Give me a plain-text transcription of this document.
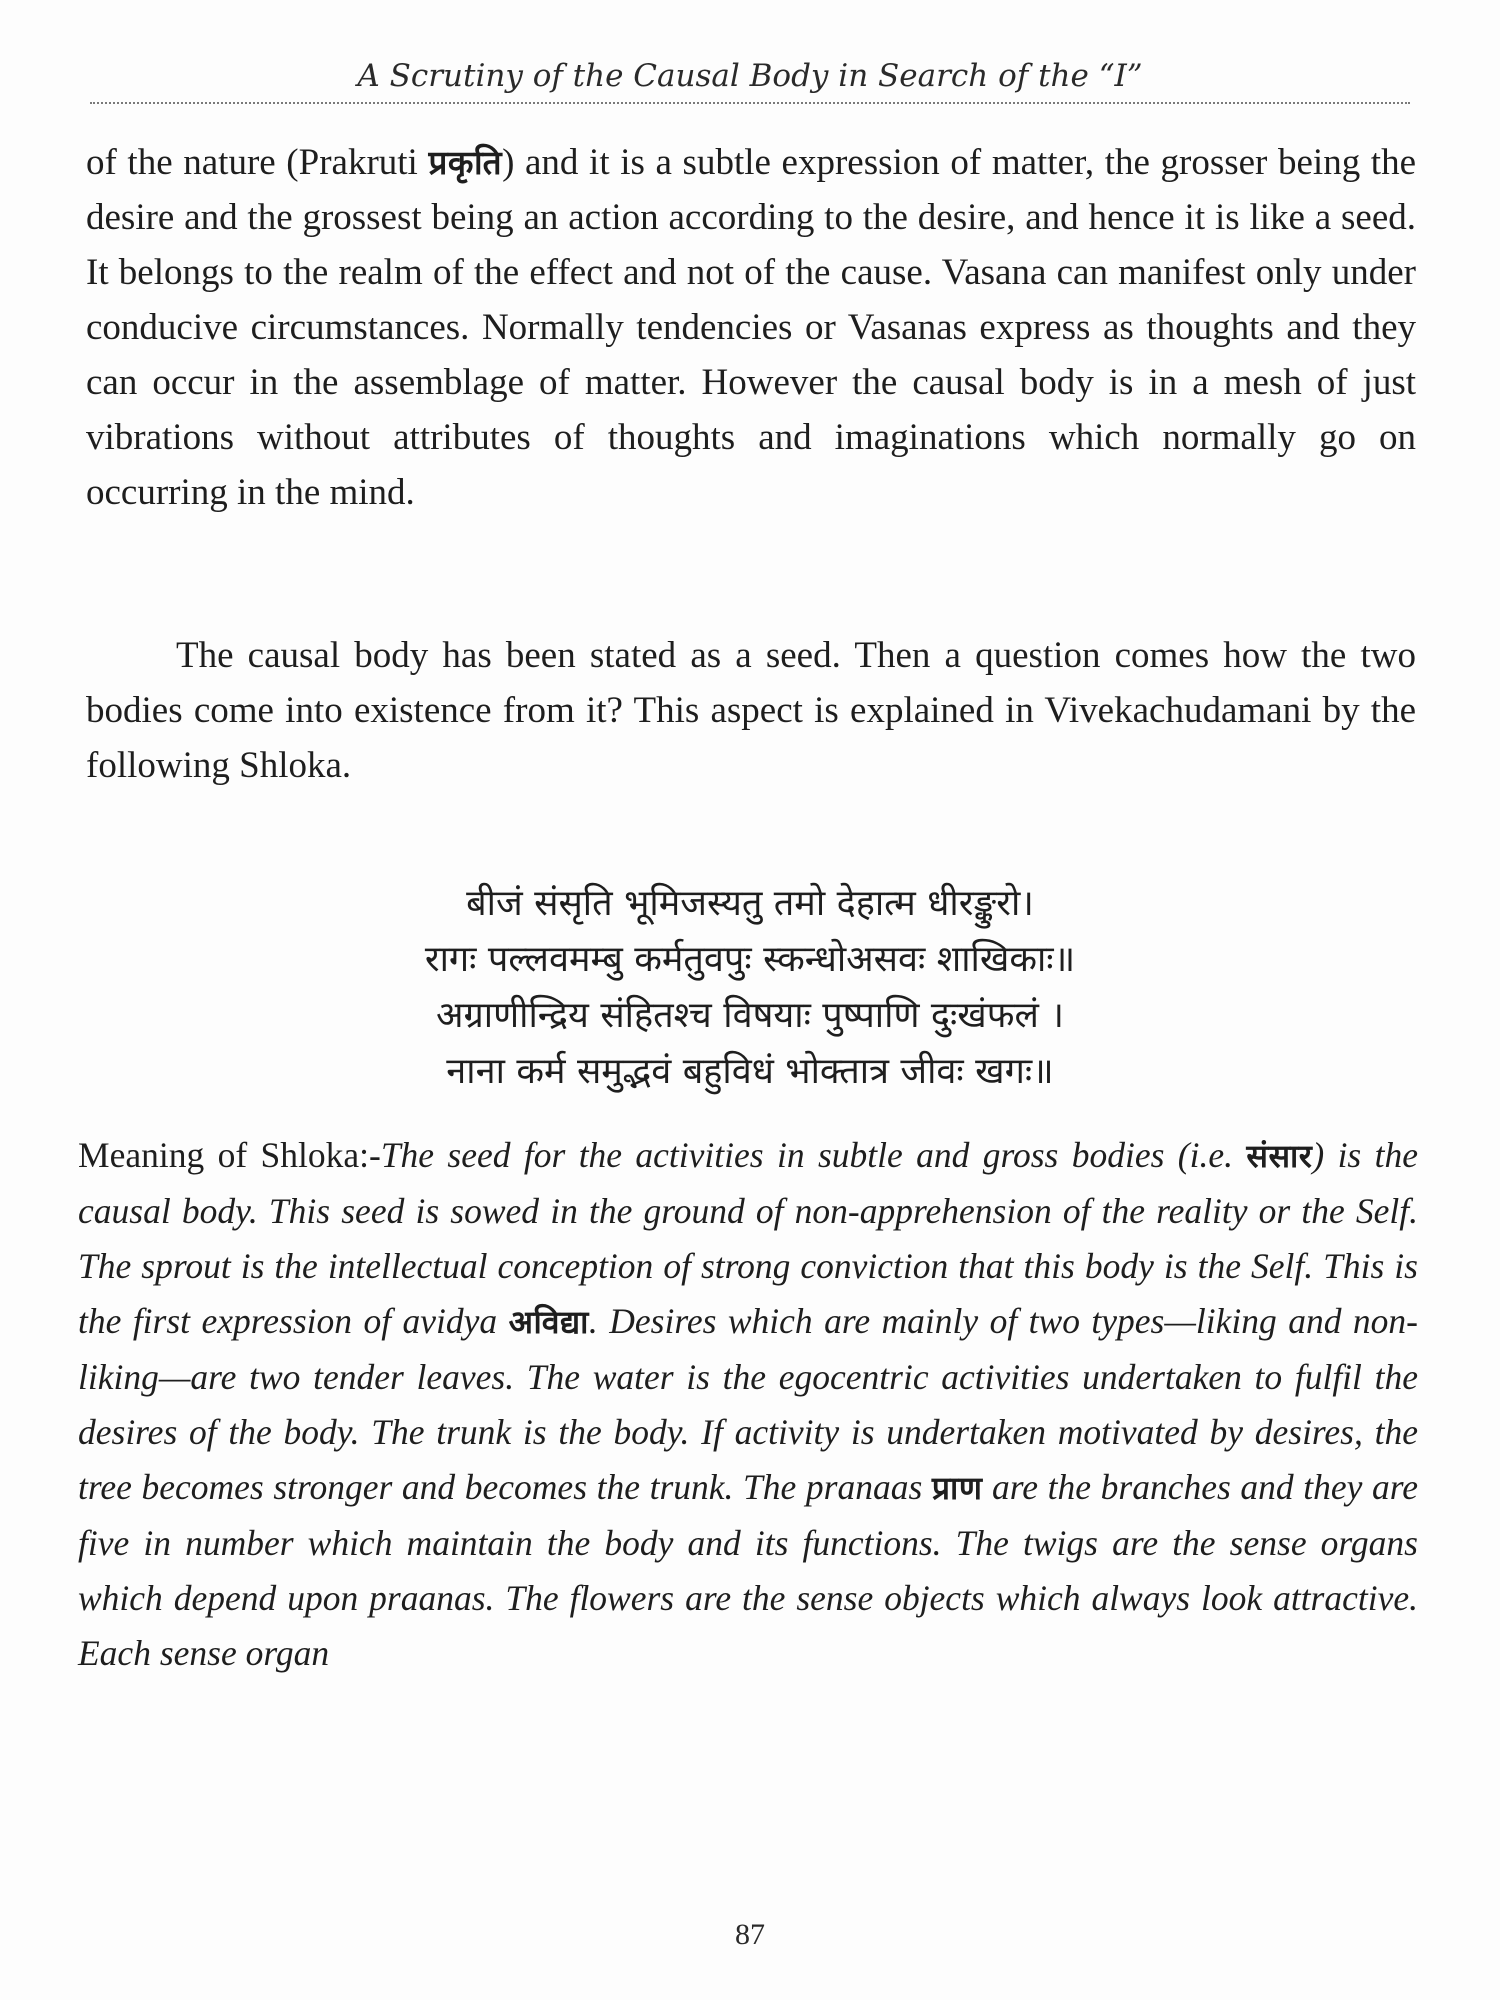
A Scrutiny of the Causal Body in Search of the “I”

of the nature (Prakruti प्रकृति) and it is a subtle expression of matter, the grosser being the desire and the grossest being an action according to the desire, and hence it is like a seed. It belongs to the realm of the effect and not of the cause. Vasana can manifest only under conducive circumstances. Normally tendencies or Vasanas express as thoughts and they can occur in the assemblage of matter. However the causal body is in a mesh of just vibrations without attributes of thoughts and imaginations which normally go on occurring in the mind.

The causal body has been stated as a seed. Then a question comes how the two bodies come into existence from it? This aspect is explained in Vivekachudamani by the following Shloka.

बीजं संसृति भूमिजस्यतु तमो देहात्म धीरङ्कुरो।
रागः पल्लवमम्बु कर्मतुवपुः स्कन्धोअसवः शाखिकाः॥
अग्राणीन्द्रिय संहितश्च विषयाः पुष्पाणि दुःखंफलं ।
नाना कर्म समुद्भवं बहुविधं भोक्तात्र जीवः खगः॥

Meaning of Shloka:-The seed for the activities in subtle and gross bodies (i.e. संसार) is the causal body. This seed is sowed in the ground of non-apprehension of the reality or the Self. The sprout is the intellectual conception of strong conviction that this body is the Self. This is the first expression of avidya अविद्या. Desires which are mainly of two types—liking and non-liking—are two tender leaves. The water is the egocentric activities undertaken to fulfil the desires of the body. The trunk is the body. If activity is undertaken motivated by desires, the tree becomes stronger and becomes the trunk. The pranaas प्राण are the branches and they are five in number which maintain the body and its functions. The twigs are the sense organs which depend upon praanas. The flowers are the sense objects which always look attractive. Each sense organ

87
